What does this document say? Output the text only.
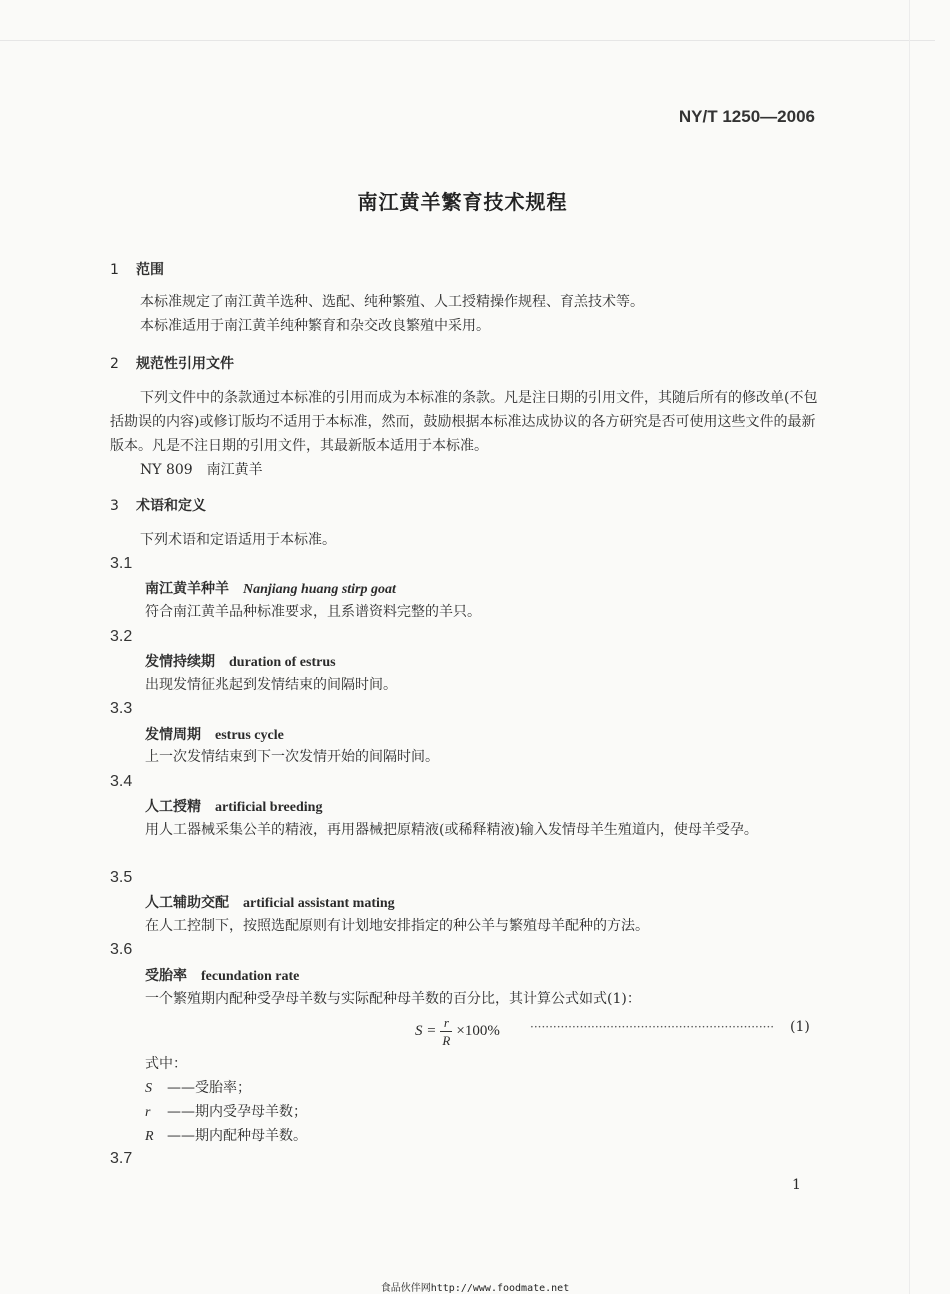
NY/T 1250—2006
南江黄羊繁育技术规程
1 范围
本标准规定了南江黄羊选种、选配、纯种繁殖、人工授精操作规程、育羔技术等。
本标准适用于南江黄羊纯种繁育和杂交改良繁殖中采用。
2 规范性引用文件
下列文件中的条款通过本标准的引用而成为本标准的条款。凡是注日期的引用文件，其随后所有的修改单(不包括勘误的内容)或修订版均不适用于本标准，然而，鼓励根据本标准达成协议的各方研究是否可使用这些文件的最新版本。凡是不注日期的引用文件，其最新版本适用于本标准。
NY 809　南江黄羊
3 术语和定义
下列术语和定语适用于本标准。
3.1
南江黄羊种羊 Nanjiang huang stirp goat
符合南江黄羊品种标准要求，且系谱资料完整的羊只。
3.2
发情持续期 duration of estrus
出现发情征兆起到发情结束的间隔时间。
3.3
发情周期 estrus cycle
上一次发情结束到下一次发情开始的间隔时间。
3.4
人工授精 artificial breeding
用人工器械采集公羊的精液，再用器械把原精液(或稀释精液)输入发情母羊生殖道内，使母羊受孕。
3.5
人工辅助交配 artificial assistant mating
在人工控制下，按照选配原则有计划地安排指定的种公羊与繁殖母羊配种的方法。
3.6
受胎率 fecundation rate
一个繁殖期内配种受孕母羊数与实际配种母羊数的百分比，其计算公式如式(1)：
$S = \frac{r}{R} \times 100\%$	································································	(1)
式中：
S ——受胎率；
r ——期内受孕母羊数；
R ——期内配种母羊数。
3.7
1
食品伙伴网http://www.foodmate.net
